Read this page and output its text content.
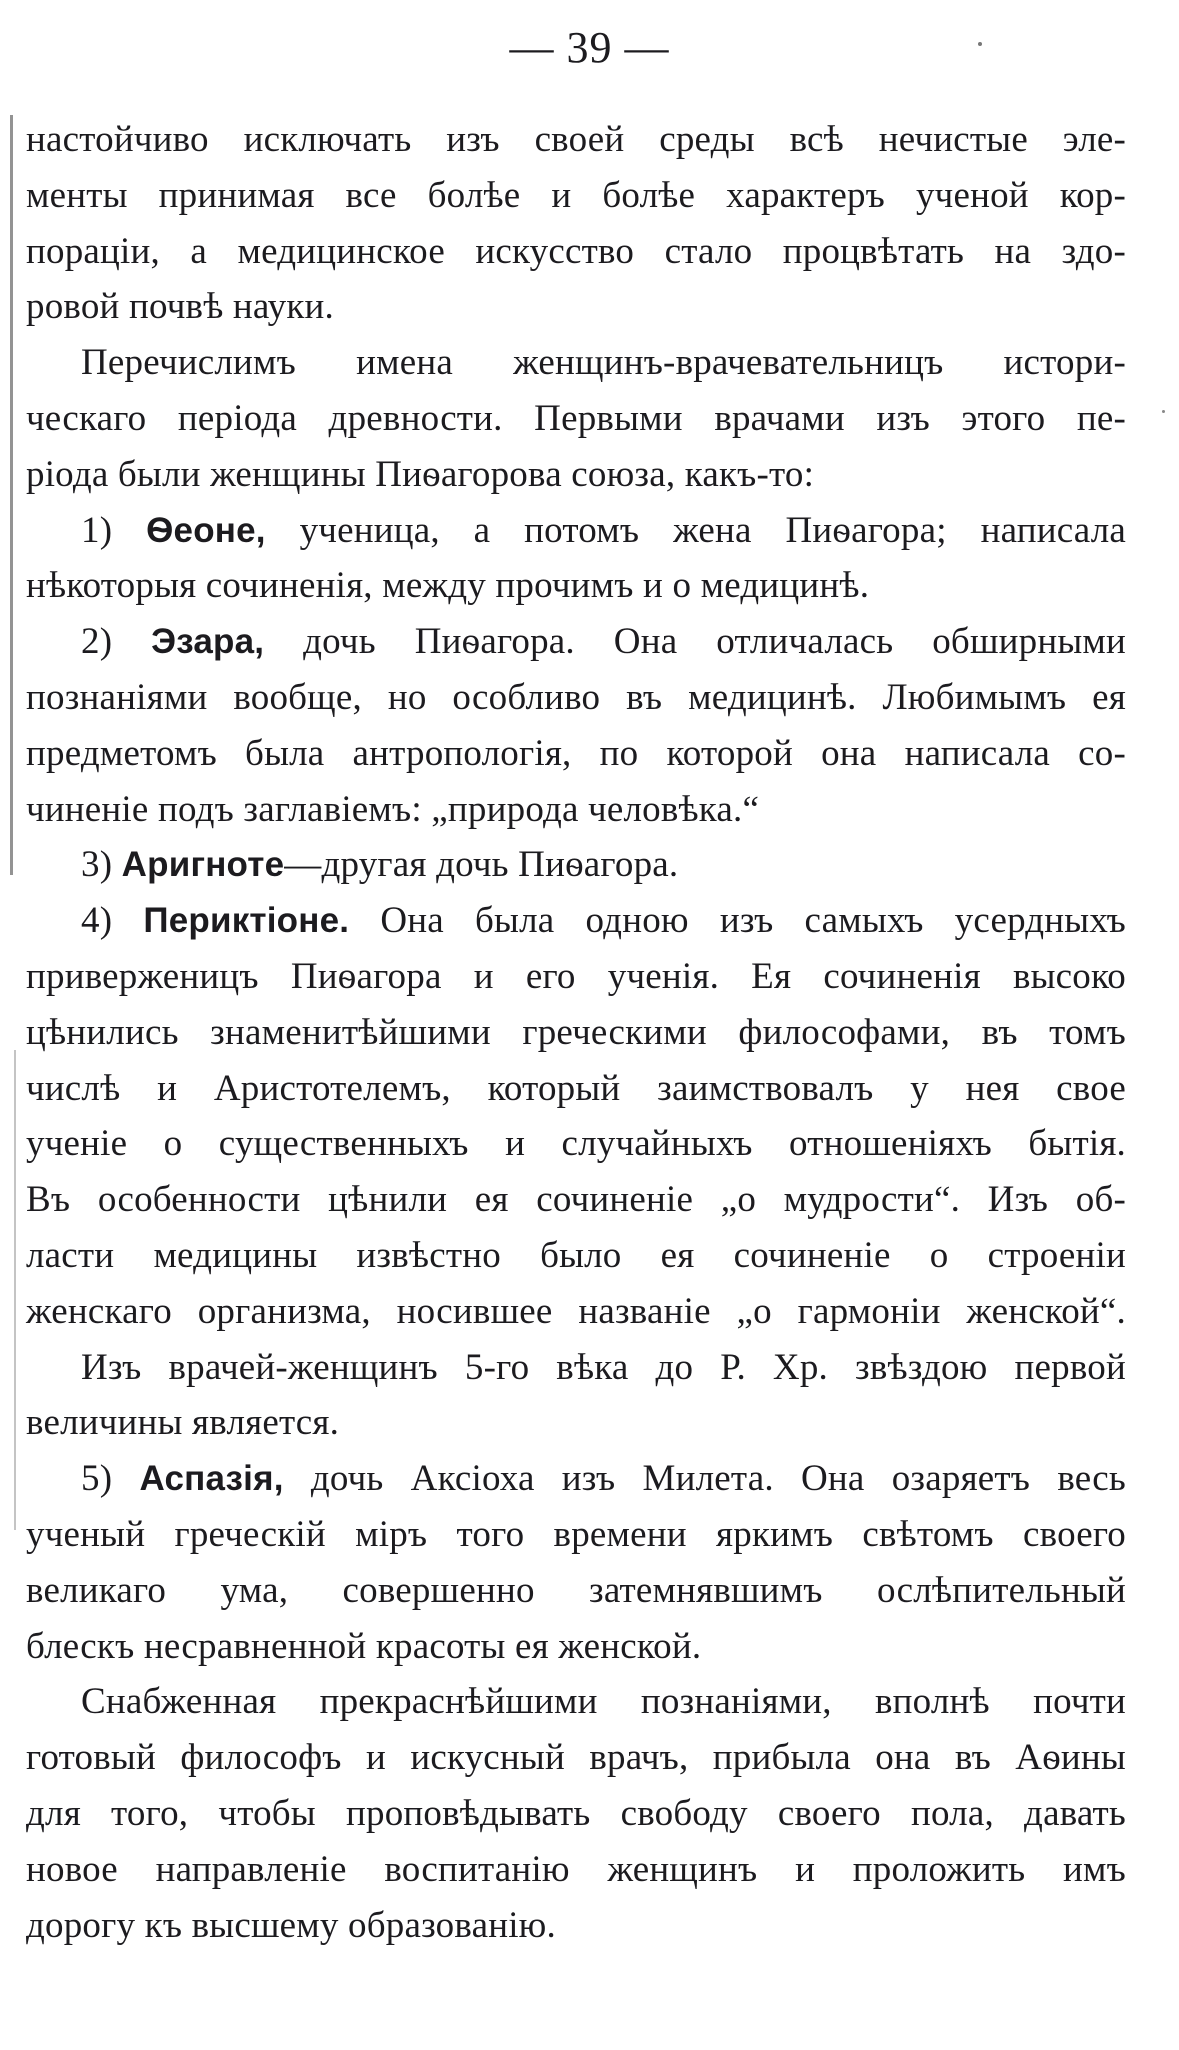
— 39 —
настойчиво исключать изъ своей среды всѣ нечистые эле-
менты принимая все болѣе и болѣе характеръ ученой кор-
пораціи, а медицинское искусство стало процвѣтать на здо-
ровой почвѣ науки.
Перечислимъ имена женщинъ-врачевательницъ истори-
ческаго періода древности. Первыми врачами изъ этого пе-
ріода были женщины Пиѳагорова союза, какъ-то:
1) Ѳеоне, ученица, а потомъ жена Пиѳагора; написала
нѣкоторыя сочиненія, между прочимъ и о медицинѣ.
2) Эзара, дочь Пиѳагора. Она отличалась обширными
познаніями вообще, но особливо въ медицинѣ. Любимымъ ея
предметомъ была антропологія, по которой она написала со-
чиненіе подъ заглавіемъ: „природа человѣка.“
3) Аригноте—другая дочь Пиѳагора.
4) Периктіоне. Она была одною изъ самыхъ усердныхъ
приверженицъ Пиѳагора и его ученія. Ея сочиненія высоко
цѣнились знаменитѣйшими греческими философами, въ томъ
числѣ и Аристотелемъ, который заимствовалъ у нея свое
ученіе о существенныхъ и случайныхъ отношеніяхъ бытія.
Въ особенности цѣнили ея сочиненіе „о мудрости“. Изъ об-
ласти медицины извѣстно было ея сочиненіе о строеніи
женскаго организма, носившее названіе „о гармоніи женской“.
Изъ врачей-женщинъ 5-го вѣка до Р. Хр. звѣздою первой
величины является.
5) Аспазія, дочь Аксіоха изъ Милета. Она озаряетъ весь
ученый греческій міръ того времени яркимъ свѣтомъ своего
великаго ума, совершенно затемнявшимъ ослѣпительный
блескъ несравненной красоты ея женской.
Снабженная прекраснѣйшими познаніями, вполнѣ почти
готовый философъ и искусный врачъ, прибыла она въ Аѳины
для того, чтобы проповѣдывать свободу своего пола, давать
новое направленіе воспитанію женщинъ и проложить имъ
дорогу къ высшему образованію.
